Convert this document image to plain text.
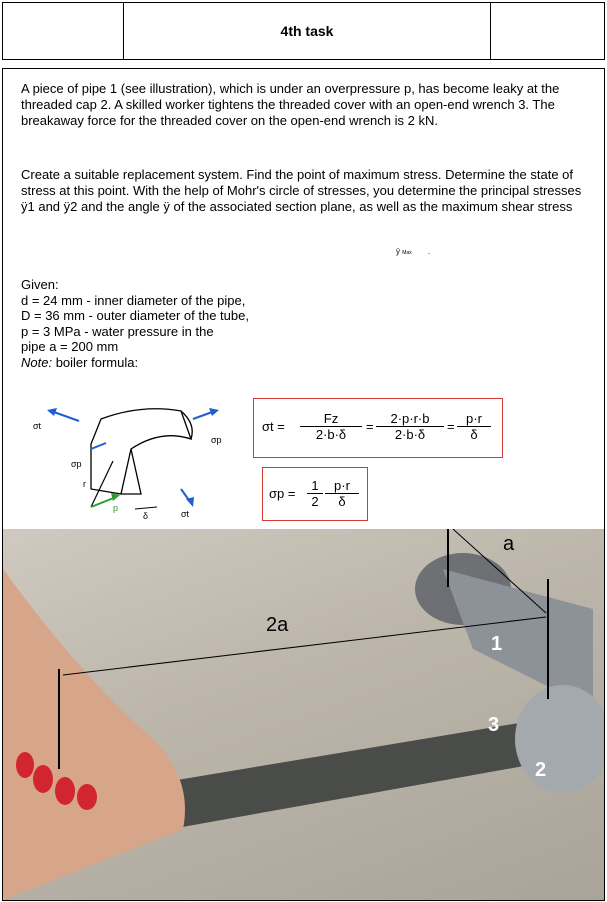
4th task
A piece of pipe 1 (see illustration), which is under an overpressure p, has become leaky at the threaded cap 2. A skilled worker tightens the threaded cover with an open-end wrench 3. The breakaway force for the threaded cover on the open-end wrench is 2 kN.
Create a suitable replacement system. Find the point of maximum stress. Determine the state of stress at this point. With the help of Mohr's circle of stresses, you determine the principal stresses ÿ1 and ÿ2 and the angle ÿ of the associated section plane, as well as the maximum shear stress
ÿ Max .
Given:
d = 24 mm - inner diameter of the pipe,
D = 36 mm - outer diameter of the tube,
p = 3 MPa - water pressure in the
pipe a = 200 mm
Note: boiler formula:
σt
σp
σp
σt
r
p
δ
$\sigma t = \frac{Fz}{2\cdot b\cdot\delta} = \frac{2\cdot p\cdot r\cdot b}{2\cdot b\cdot\delta} = \frac{p\cdot r}{\delta}$
$\sigma p = \frac{1}{2} \frac{p\cdot r}{\delta}$
a
2a
1
3
2
